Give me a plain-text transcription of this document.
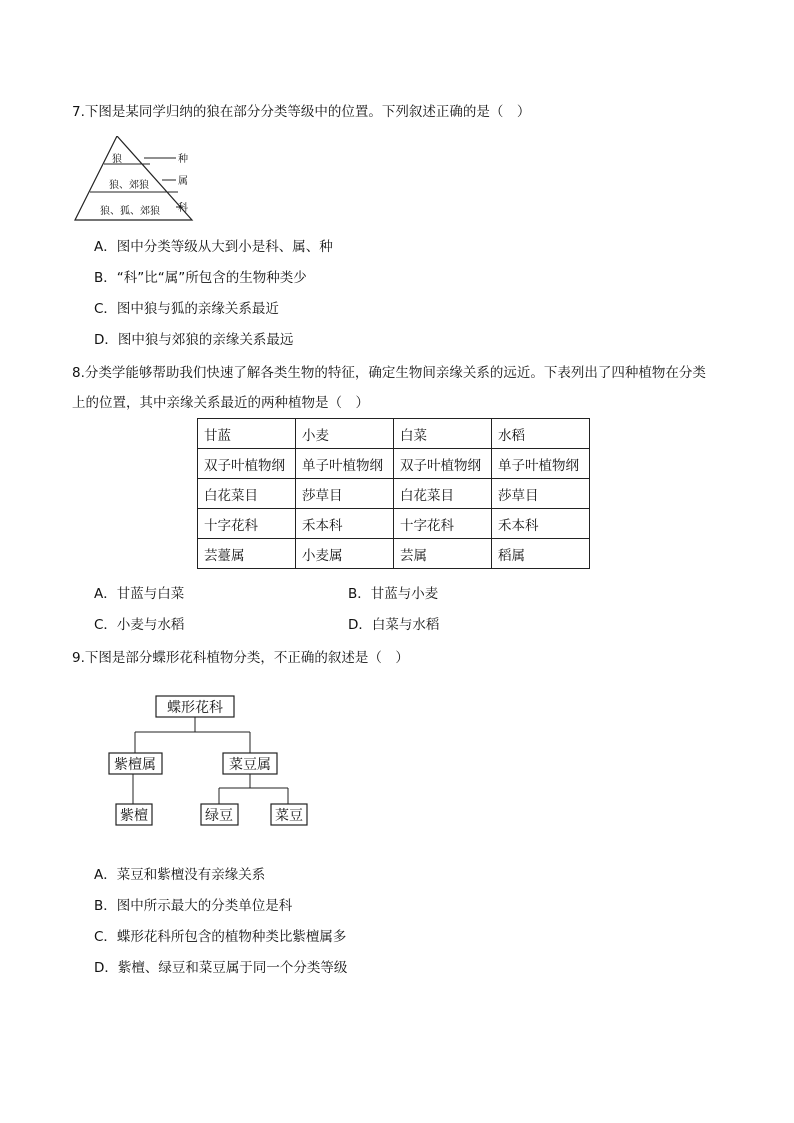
7.下图是某同学归纳的狼在部分分类等级中的位置。下列叙述正确的是（　）
狼
狼、郊狼
狼、狐、郊狼
种
属
科
A．图中分类等级从大到小是科、属、种
B．“科”比“属”所包含的生物种类少
C．图中狼与狐的亲缘关系最近
D．图中狼与郊狼的亲缘关系最远
8.分类学能够帮助我们快速了解各类生物的特征，确定生物间亲缘关系的远近。下表列出了四种植物在分类
上的位置，其中亲缘关系最近的两种植物是（　）
甘蓝	小麦	白菜	水稻
双子叶植物纲	单子叶植物纲	双子叶植物纲	单子叶植物纲
白花菜目	莎草目	白花菜目	莎草目
十字花科	禾本科	十字花科	禾本科
芸薹属	小麦属	芸属	稻属
A．甘蓝与白菜	B．甘蓝与小麦
C．小麦与水稻	D．白菜与水稻
9.下图是部分蝶形花科植物分类，不正确的叙述是（　）
蝶形花科
紫檀属	菜豆属
紫檀	绿豆	菜豆
A．菜豆和紫檀没有亲缘关系
B．图中所示最大的分类单位是科
C．蝶形花科所包含的植物种类比紫檀属多
D．紫檀、绿豆和菜豆属于同一个分类等级
